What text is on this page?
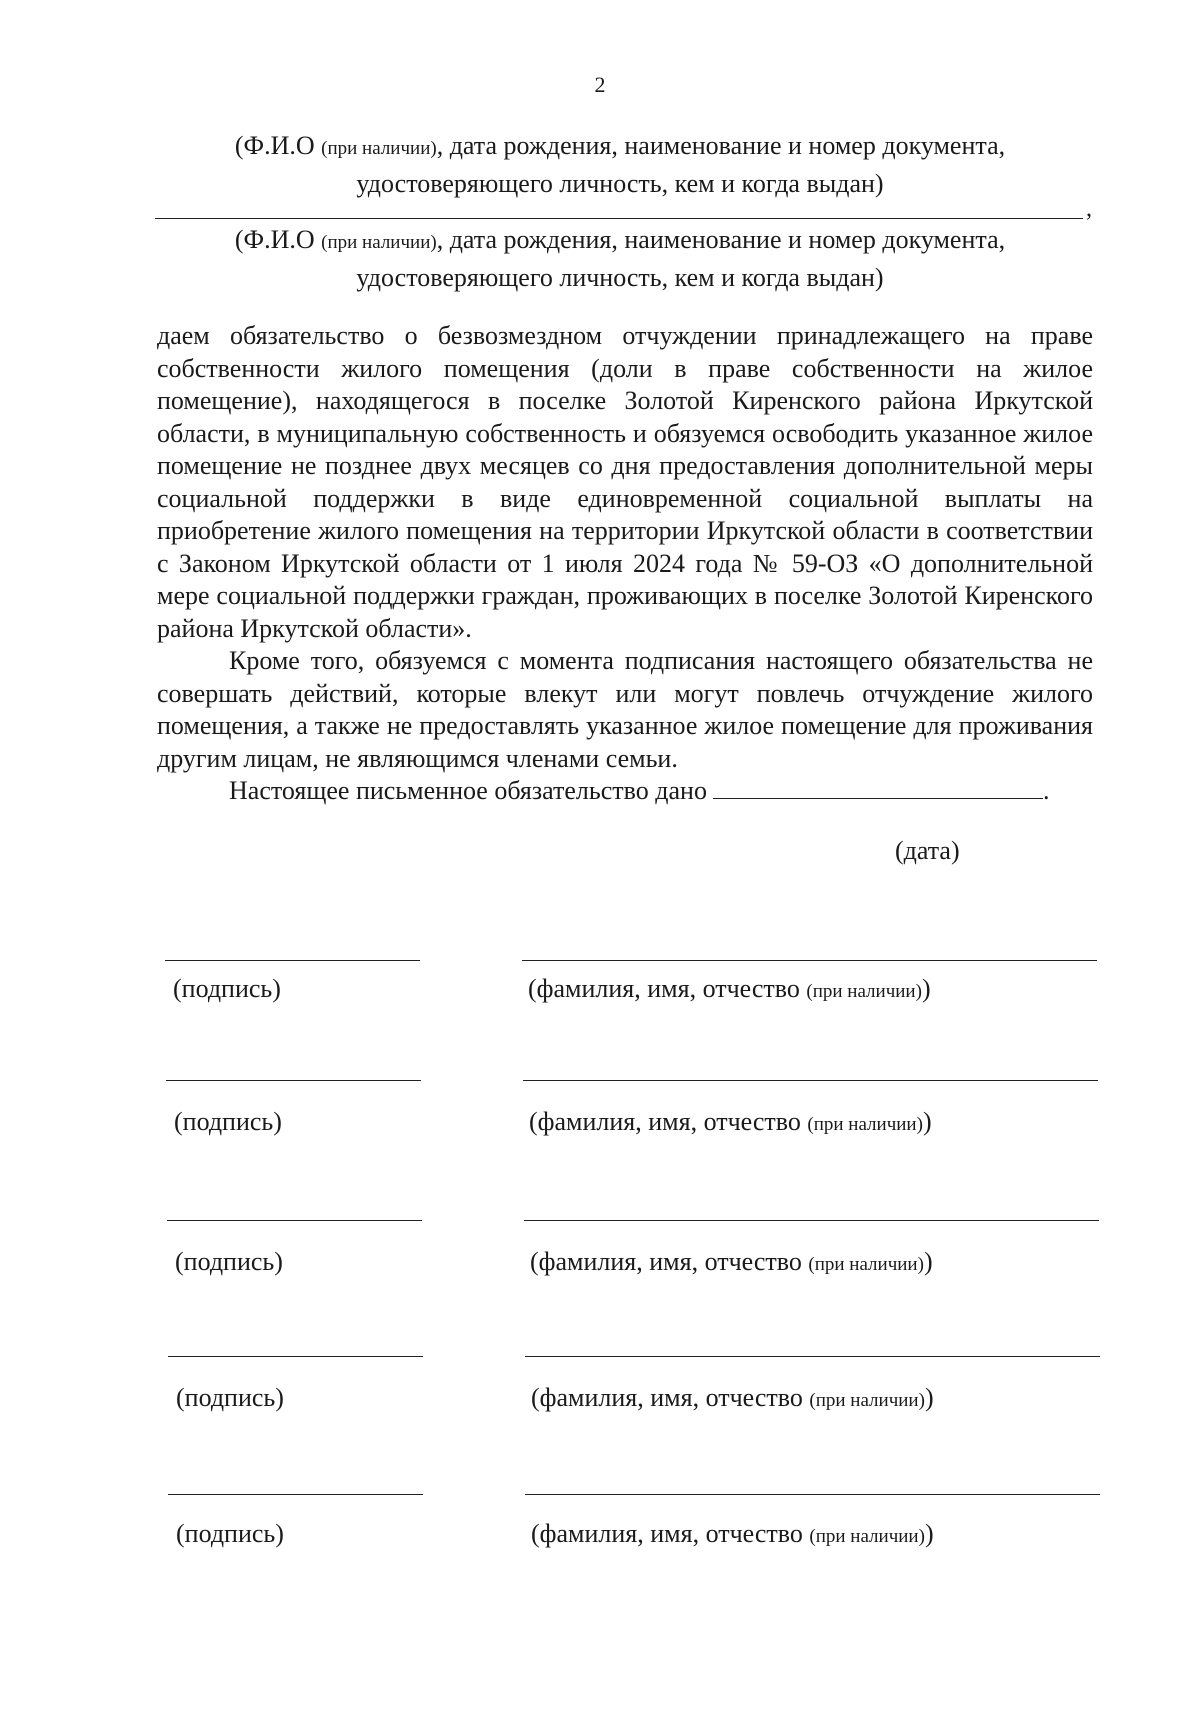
2
(Ф.И.О (при наличии), дата рождения, наименование и номер документа,
удостоверяющего личность, кем и когда выдан)
,
(Ф.И.О (при наличии), дата рождения, наименование и номер документа,
удостоверяющего личность, кем и когда выдан)

даем обязательство о безвозмездном отчуждении принадлежащего на праве собственности жилого помещения (доли в праве собственности на жилое помещение), находящегося в поселке Золотой Киренского района Иркутской области, в муниципальную собственность и обязуемся освободить указанное жилое помещение не позднее двух месяцев со дня предоставления дополнительной меры социальной поддержки в виде единовременной социальной выплаты на приобретение жилого помещения на территории Иркутской области в соответствии с Законом Иркутской области от 1 июля 2024 года № 59-ОЗ «О дополнительной мере социальной поддержки граждан, проживающих в поселке Золотой Киренского района Иркутской области».

Кроме того, обязуемся с момента подписания настоящего обязательства не совершать действий, которые влекут или могут повлечь отчуждение жилого помещения, а также не предоставлять указанное жилое помещение для проживания другим лицам, не являющимся членами семьи.

Настоящее письменное обязательство дано	.

(дата)
(подпись)	(фамилия, имя, отчество (при наличии))
(подпись)	(фамилия, имя, отчество (при наличии))
(подпись)	(фамилия, имя, отчество (при наличии))
(подпись)	(фамилия, имя, отчество (при наличии))
(подпись)	(фамилия, имя, отчество (при наличии))
